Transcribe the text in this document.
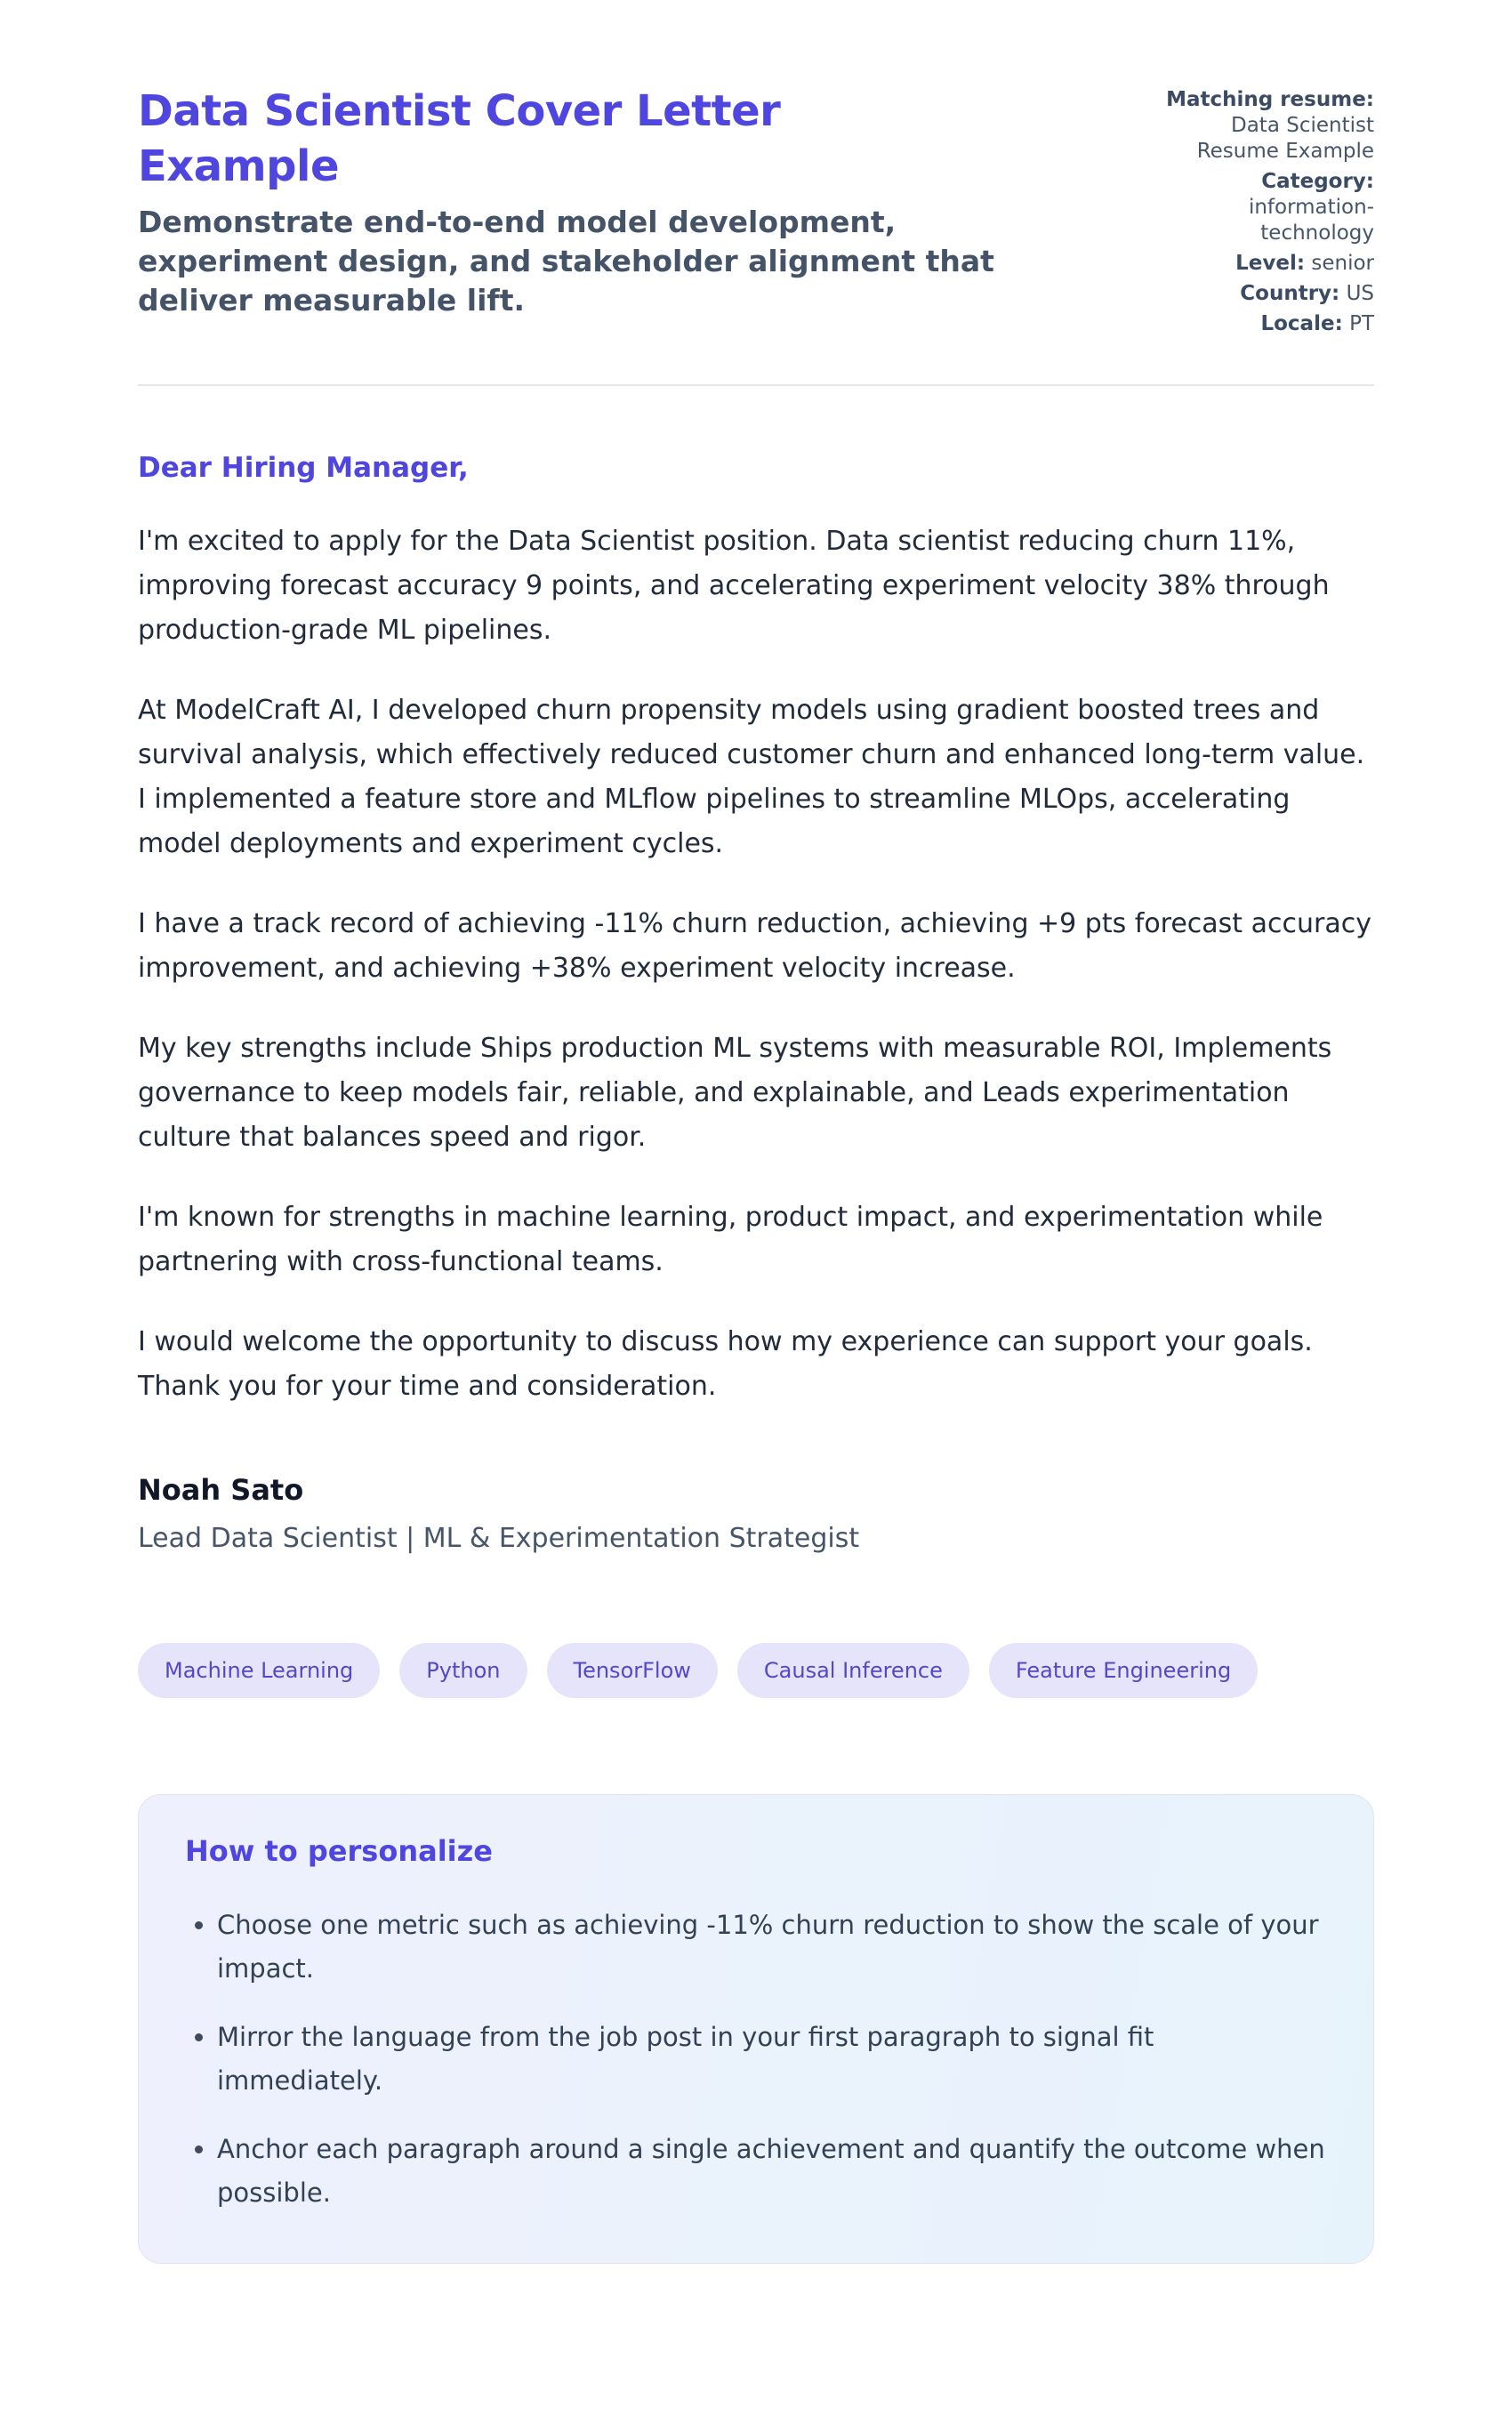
Data Scientist Cover Letter Example

Demonstrate end-to-end model development, experiment design, and stakeholder alignment that deliver measurable lift.

Matching resume: Data Scientist Resume Example
Category: information-technology
Level: senior
Country: US
Locale: PT

Dear Hiring Manager,

I'm excited to apply for the Data Scientist position. Data scientist reducing churn 11%, improving forecast accuracy 9 points, and accelerating experiment velocity 38% through production-grade ML pipelines.

At ModelCraft AI, I developed churn propensity models using gradient boosted trees and survival analysis, which effectively reduced customer churn and enhanced long-term value. I implemented a feature store and MLflow pipelines to streamline MLOps, accelerating model deployments and experiment cycles.

I have a track record of achieving -11% churn reduction, achieving +9 pts forecast accuracy improvement, and achieving +38% experiment velocity increase.

My key strengths include Ships production ML systems with measurable ROI, Implements governance to keep models fair, reliable, and explainable, and Leads experimentation culture that balances speed and rigor.

I'm known for strengths in machine learning, product impact, and experimentation while partnering with cross-functional teams.

I would welcome the opportunity to discuss how my experience can support your goals. Thank you for your time and consideration.

Noah Sato

Lead Data Scientist | ML & Experimentation Strategist

Machine Learning	Python	TensorFlow	Causal Inference	Feature Engineering
How to personalize
• Choose one metric such as achieving -11% churn reduction to show the scale of your impact.
• Mirror the language from the job post in your first paragraph to signal fit immediately.
• Anchor each paragraph around a single achievement and quantify the outcome when possible.
